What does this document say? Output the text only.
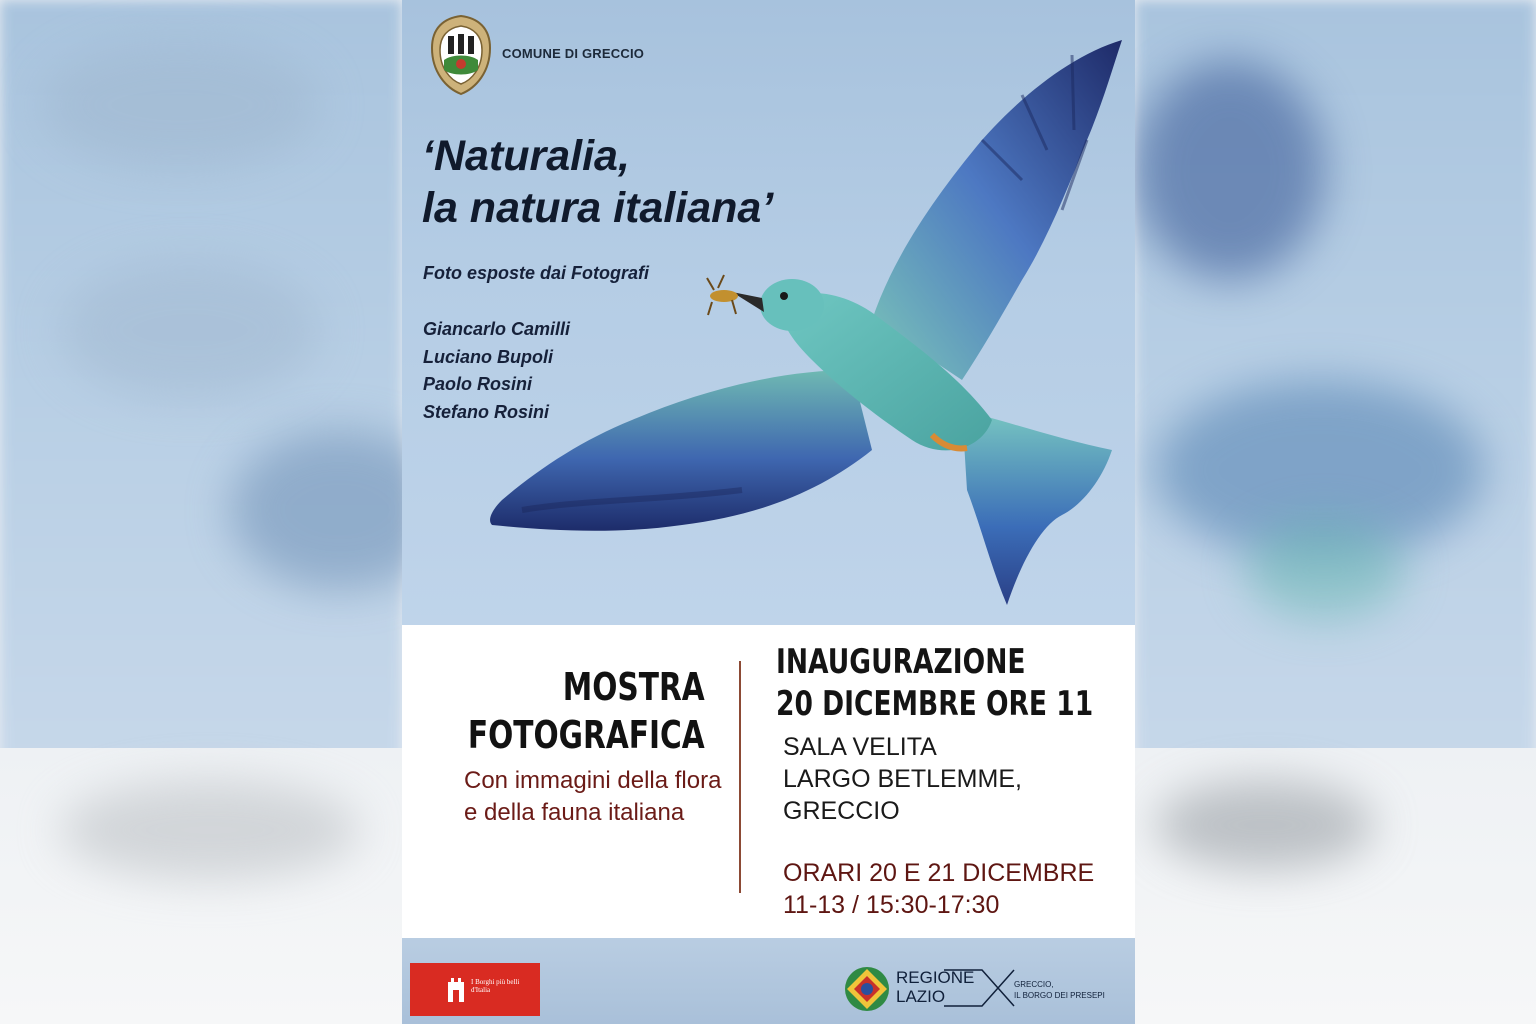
COMUNE DI GRECCIO
‘Naturalia,
la natura italiana’
Foto esposte dai Fotografi
Giancarlo Camilli
Luciano Bupoli
Paolo Rosini
Stefano Rosini
MOSTRA
FOTOGRAFICA
Con immagini della flora e della fauna italiana
INAUGURAZIONE
20 DICEMBRE ORE 11
SALA VELITA
LARGO BETLEMME,
GRECCIO
ORARI 20 E 21 DICEMBRE
11-13 / 15:30-17:30
I Borghi più belli d'Italia
REGIONE
LAZIO
GRECCIO,
IL BORGO DEI PRESEPI
